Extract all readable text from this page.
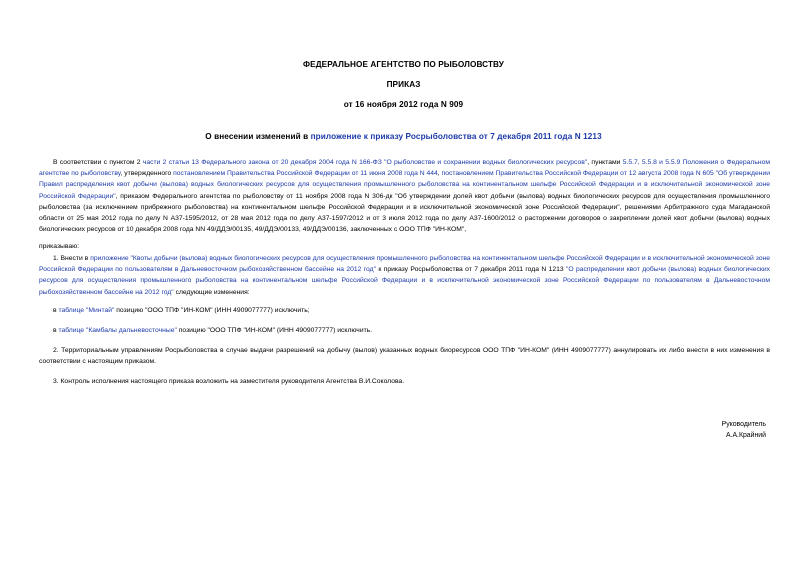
ФЕДЕРАЛЬНОЕ АГЕНТСТВО ПО РЫБОЛОВСТВУ
ПРИКАЗ
от 16 ноября 2012 года N 909
О внесении изменений в приложение к приказу Росрыболовства от 7 декабря 2011 года N 1213
В соответствии с пунктом 2 части 2 статьи 13 Федерального закона от 20 декабря 2004 года N 166-ФЗ "О рыболовстве и сохранении водных биологических ресурсов", пунктами 5.5.7, 5.5.8 и 5.5.9 Положения о Федеральном агентстве по рыболовству, утвержденного постановлением Правительства Российской Федерации от 11 июня 2008 года N 444, постановлением Правительства Российской Федерации от 12 августа 2008 года N 605 "Об утверждении Правил распределения квот добычи (вылова) водных биологических ресурсов для осуществления промышленного рыболовства на континентальном шельфе Российской Федерации и в исключительной экономической зоне Российской Федерации", приказом Федерального агентства по рыболовству от 11 ноября 2008 года N 306-дк "Об утверждении долей квот добычи (вылова) водных биологических ресурсов для осуществления промышленного рыболовства (за исключением прибрежного рыболовства) на континентальном шельфе Российской Федерации и в исключительной экономической зоне Российской Федерации", решениями Арбитражного суда Магаданской области от 25 мая 2012 года по делу N А37-1595/2012, от 28 мая 2012 года по делу А37-1597/2012 и от 3 июля 2012 года по делу А37-1600/2012 о расторжении договоров о закреплении долей квот добычи (вылова) водных биологических ресурсов от 10 декабря 2008 года NN 49/ДДЭ/00135, 49/ДДЭ/00133, 49/ДДЭ/00136, заключенных с ООО ТПФ "ИН-КОМ",
приказываю:
1. Внести в приложение "Квоты добычи (вылова) водных биологических ресурсов для осуществления промышленного рыболовства на континентальном шельфе Российской Федерации и в исключительной экономической зоне Российской Федерации по пользователям в Дальневосточном рыбохозяйственном бассейне на 2012 год" к приказу Росрыболовства от 7 декабря 2011 года N 1213 "О распределении квот добычи (вылова) водных биологических ресурсов для осуществления промышленного рыболовства на континентальном шельфе Российской Федерации и в исключительной экономической зоне Российской Федерации по пользователям в Дальневосточном рыбохозяйственном бассейне на 2012 год" следующие изменения:
в таблице "Минтай" позицию "ООО ТПФ "ИН-КОМ" (ИНН 4909077777) исключить;
в таблице "Камбалы дальневосточные" позицию "ООО ТПФ "ИН-КОМ" (ИНН 4909077777) исключить.
2. Территориальным управлениям Росрыболовства в случае выдачи разрешений на добычу (вылов) указанных водных биоресурсов ООО ТПФ "ИН-КОМ" (ИНН 4909077777) аннулировать их либо внести в них изменения в соответствии с настоящим приказом.
3. Контроль исполнения настоящего приказа возложить на заместителя руководителя Агентства В.И.Соколова.
Руководитель
А.А.Крайний
